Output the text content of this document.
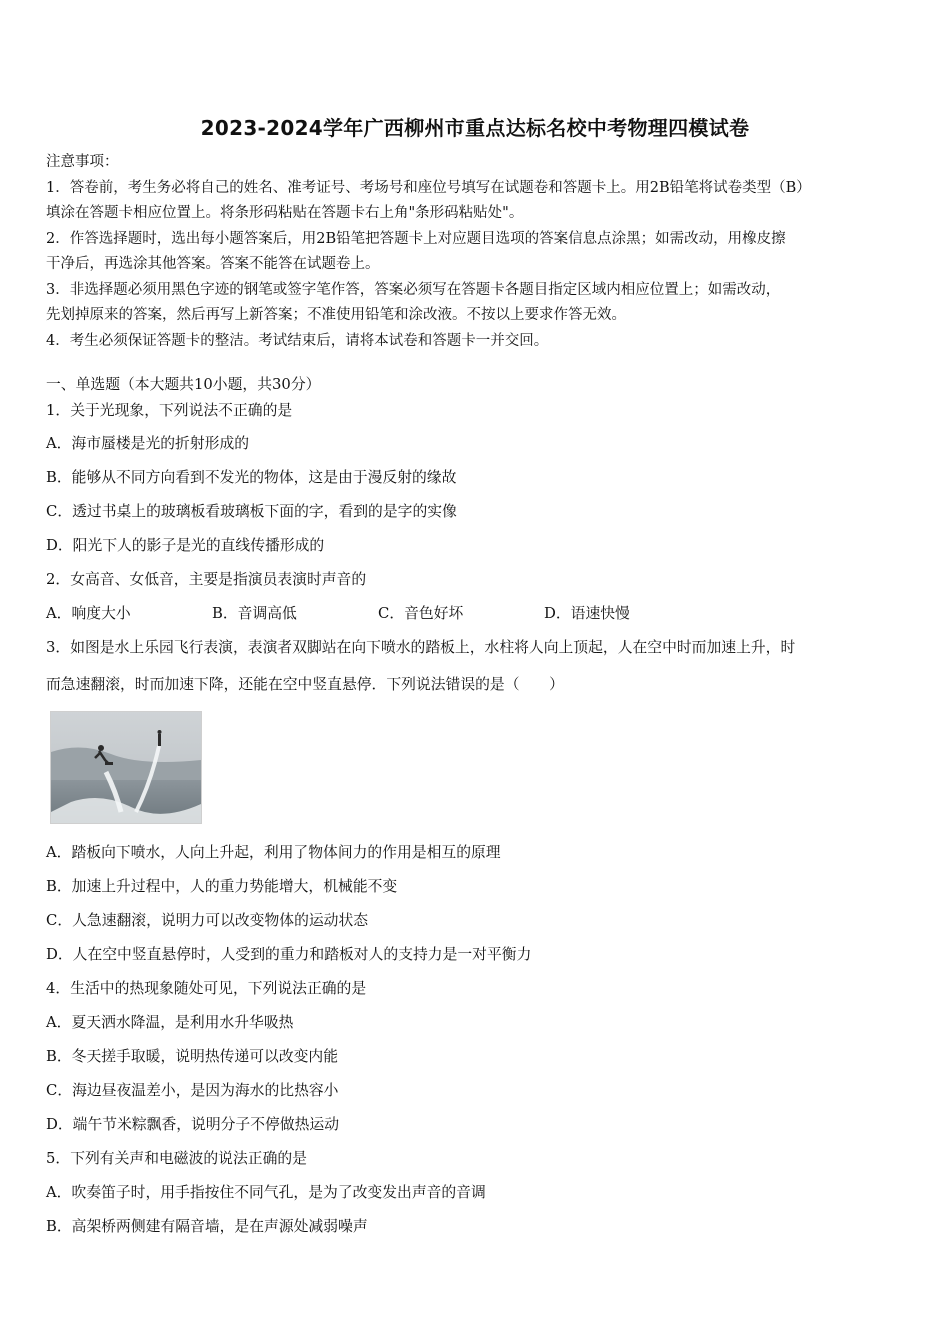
2023-2024学年广西柳州市重点达标名校中考物理四模试卷
注意事项：
1．答卷前，考生务必将自己的姓名、准考证号、考场号和座位号填写在试题卷和答题卡上。用2B铅笔将试卷类型（B）
填涂在答题卡相应位置上。将条形码粘贴在答题卡右上角"条形码粘贴处"。
2．作答选择题时，选出每小题答案后，用2B铅笔把答题卡上对应题目选项的答案信息点涂黑；如需改动，用橡皮擦
干净后，再选涂其他答案。答案不能答在试题卷上。
3．非选择题必须用黑色字迹的钢笔或签字笔作答，答案必须写在答题卡各题目指定区域内相应位置上；如需改动，
先划掉原来的答案，然后再写上新答案；不准使用铅笔和涂改液。不按以上要求作答无效。
4．考生必须保证答题卡的整洁。考试结束后，请将本试卷和答题卡一并交回。
一、单选题（本大题共10小题，共30分）
1．关于光现象，下列说法不正确的是
A．海市蜃楼是光的折射形成的
B．能够从不同方向看到不发光的物体，这是由于漫反射的缘故
C．透过书桌上的玻璃板看玻璃板下面的字，看到的是字的实像
D．阳光下人的影子是光的直线传播形成的
2．女高音、女低音，主要是指演员表演时声音的
A．响度大小	B．音调高低	C．音色好坏	D．语速快慢
3．如图是水上乐园飞行表演，表演者双脚站在向下喷水的踏板上，水柱将人向上顶起，人在空中时而加速上升，时
而急速翻滚，时而加速下降，还能在空中竖直悬停．下列说法错误的是（　　）
A．踏板向下喷水，人向上升起，利用了物体间力的作用是相互的原理
B．加速上升过程中，人的重力势能增大，机械能不变
C．人急速翻滚，说明力可以改变物体的运动状态
D．人在空中竖直悬停时，人受到的重力和踏板对人的支持力是一对平衡力
4．生活中的热现象随处可见，下列说法正确的是
A．夏天洒水降温，是利用水升华吸热
B．冬天搓手取暖，说明热传递可以改变内能
C．海边昼夜温差小，是因为海水的比热容小
D．端午节米粽飘香，说明分子不停做热运动
5．下列有关声和电磁波的说法正确的是
A．吹奏笛子时，用手指按住不同气孔，是为了改变发出声音的音调
B．高架桥两侧建有隔音墙，是在声源处减弱噪声
